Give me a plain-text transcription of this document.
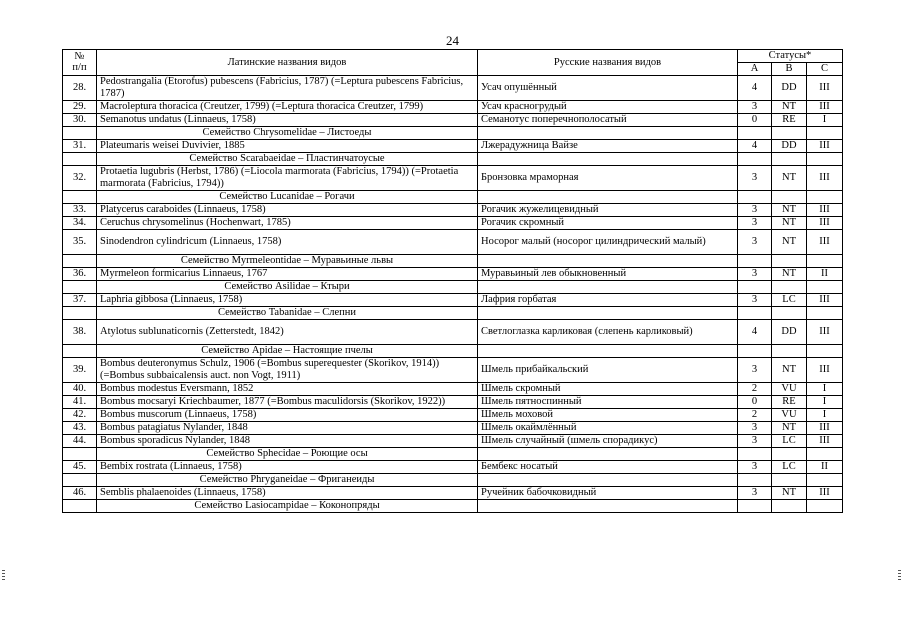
24
№
п/п	Латинские названия видов	Русские названия видов	Статусы*		
			А	В	С
28.	Pedostrangalia (Etorofus) pubescens (Fabricius, 1787) (=Leptura pubescens Fabricius, 1787)	Усач опушённый	4	DD	III
29.	Macroleptura thoracica (Creutzer, 1799) (=Leptura thoracica Creutzer, 1799)	Усач красногрудый	3	NT	III
30.	Semanotus undatus (Linnaeus, 1758)	Семанотус поперечнополосатый	0	RE	I
	Семейство Chrysomelidae – Листоеды				
31.	Plateumaris weisei Duvivier, 1885	Лжерадужница Вайзе	4	DD	III
	Семейство Scarabaeidae – Пластинчатоусые				
32.	Protaetia lugubris (Herbst, 1786) (=Liocola marmorata (Fabricius, 1794)) (=Protaetia marmorata (Fabricius, 1794))	Бронзовка мраморная	3	NT	III
	Семейство Lucanidae – Рогачи				
33.	Platycerus caraboides (Linnaeus, 1758)	Рогачик жужелицевидный	3	NT	III
34.	Ceruchus chrysomelinus (Hochenwart, 1785)	Рогачик скромный	3	NT	III
35.	Sinodendron cylindricum (Linnaeus, 1758)	Носорог малый (носорог цилиндрический малый)	3	NT	III
	Семейство Myrmeleontidae – Муравьиные львы				
36.	Myrmeleon formicarius Linnaeus, 1767	Муравьиный лев обыкновенный	3	NT	II
	Семейство Asilidae – Ктыри				
37.	Laphria gibbosa (Linnaeus, 1758)	Лафрия горбатая	3	LC	III
	Семейство Tabanidae – Слепни				
38.	Atylotus sublunaticornis (Zetterstedt, 1842)	Светлоглазка карликовая (слепень карликовый)	4	DD	III
	Семейство Apidae – Настоящие пчелы				
39.	Bombus deuteronymus Schulz, 1906 (=Bombus superequester (Skorikov, 1914)) (=Bombus subbaicalensis auct. non Vogt, 1911)	Шмель прибайкальский	3	NT	III
40.	Bombus modestus Eversmann, 1852	Шмель скромный	2	VU	I
41.	Bombus mocsaryi Kriechbaumer, 1877 (=Bombus maculidorsis (Skorikov, 1922))	Шмель пятноспинный	0	RE	I
42.	Bombus muscorum (Linnaeus, 1758)	Шмель моховой	2	VU	I
43.	Bombus patagiatus Nylander, 1848	Шмель окаймлённый	3	NT	III
44.	Bombus sporadicus Nylander, 1848	Шмель случайный (шмель спорадикус)	3	LC	III
	Семейство Sphecidae – Роющие осы				
45.	Bembix rostrata (Linnaeus, 1758)	Бембекс носатый	3	LC	II
	Семейство Phryganeidae – Фриганеиды				
46.	Semblis phalaenoides (Linnaeus, 1758)	Ручейник бабочковидный	3	NT	III
	Семейство Lasiocampidae – Коконопряды				
